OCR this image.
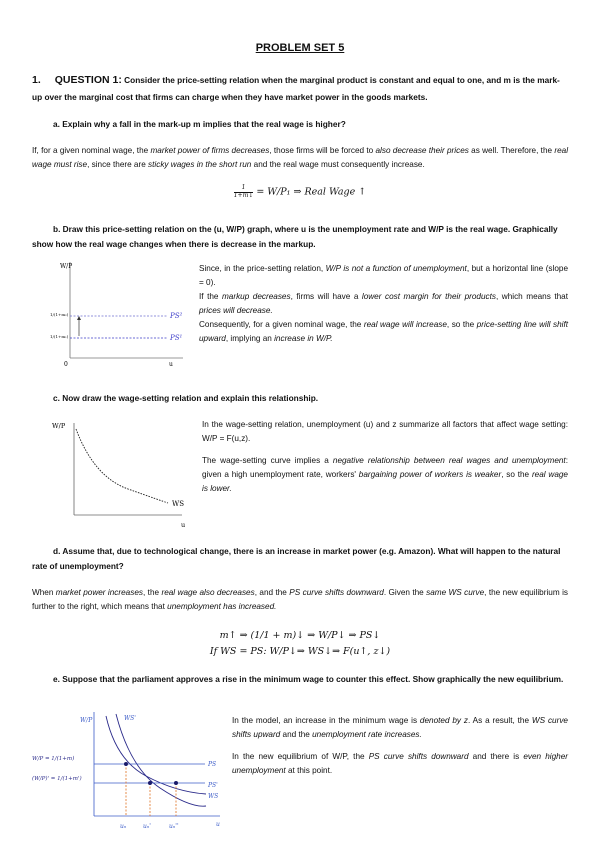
PROBLEM SET 5
1. QUESTION 1: Consider the price-setting relation when the marginal product is constant and equal to one, and m is the mark-up over the marginal cost that firms can charge when they have market power in the goods markets.
a. Explain why a fall in the mark-up m implies that the real wage is higher?
If, for a given nominal wage, the market power of firms decreases, those firms will be forced to also decrease their prices as well. Therefore, the real wage must rise, since there are sticky wages in the short run and the real wage must consequently increase.
$\frac{1}{1+m↓} = W/P_1$ ⇒ Real Wage ↑
b. Draw this price-setting relation on the (u, W/P) graph, where u is the unemployment rate and W/P is the real wage. Graphically show how the real wage changes when there is decrease in the markup.
W/P
u
0
PS²
PS¹
1/(1+m₂)
1/(1+m₁)
Since, in the price-setting relation, W/P is not a function of unemployment, but a horizontal line (slope = 0).
If the markup decreases, firms will have a lower cost margin for their products, which means that prices will decrease.
Consequently, for a given nominal wage, the real wage will increase, so the price-setting line will shift upward, implying an increase in W/P.
c. Now draw the wage-setting relation and explain this relationship.
W/P
u
WS
In the wage-setting relation, unemployment (u) and z summarize all factors that affect wage setting: W/P = F(u,z).
The wage-setting curve implies a negative relationship between real wages and unemployment: given a high unemployment rate, workers' bargaining power of workers is weaker, so the real wage is lower.
d. Assume that, due to technological change, there is an increase in market power (e.g. Amazon). What will happen to the natural rate of unemployment?
When market power increases, the real wage also decreases, and the PS curve shifts downward. Given the same WS curve, the new equilibrium is further to the right, which means that unemployment has increased.
m↑ ⇒ (1/1 + m)↓ ⇒ W/P↓ ⇒ PS↓
If WS = PS: W/P↓⇒ WS↓⇒ F(u↑, z↓)
e. Suppose that the parliament approves a rise in the minimum wage to counter this effect. Show graphically the new equilibrium.
W/P
u
WS'
WS
PS
PS'
W/P = 1/(1+m)
(W/P)' = 1/(1+m')
uₙ	uₙ'	uₙ''
In the model, an increase in the minimum wage is denoted by z. As a result, the WS curve shifts upward and the unemployment rate increases.
In the new equilibrium of W/P, the PS curve shifts downward and there is even higher unemployment at this point.
